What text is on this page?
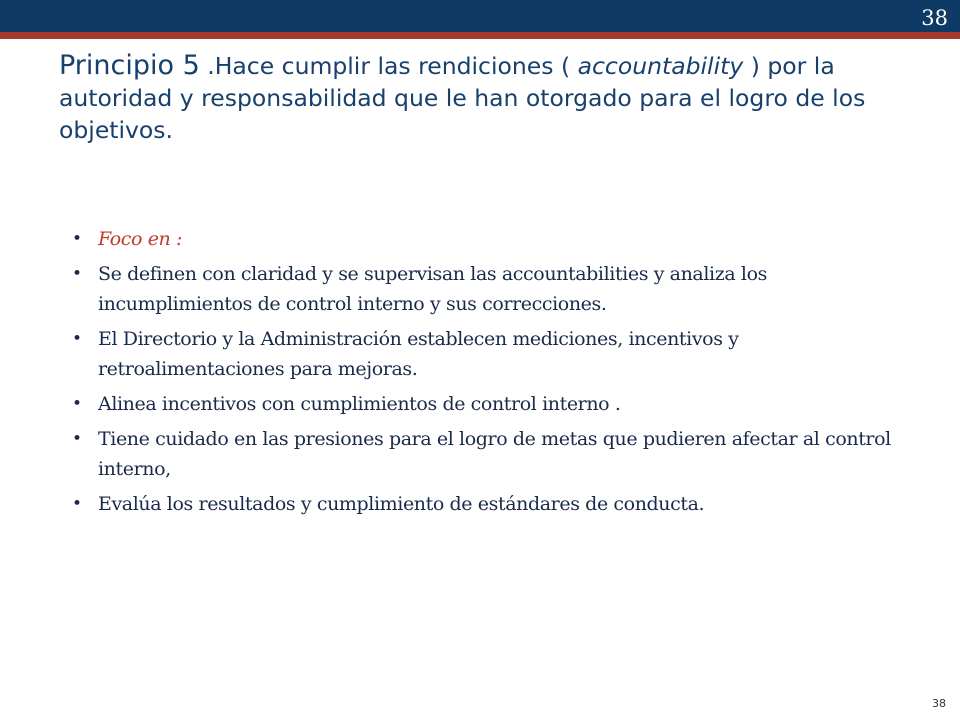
38
Principio 5 .Hace cumplir las rendiciones ( accountability ) por la autoridad y responsabilidad que le han otorgado para el logro de los objetivos.
• Foco en :
• Se definen con claridad y se supervisan las accountabilities y analiza los incumplimientos de control interno y sus correcciones.
• El Directorio y la Administración establecen mediciones, incentivos y retroalimentaciones para mejoras.
• Alinea incentivos con cumplimientos de control interno .
• Tiene cuidado en las presiones para el logro de metas que pudieren afectar al control interno,
• Evalúa los resultados y cumplimiento de estándares de conducta.
38
